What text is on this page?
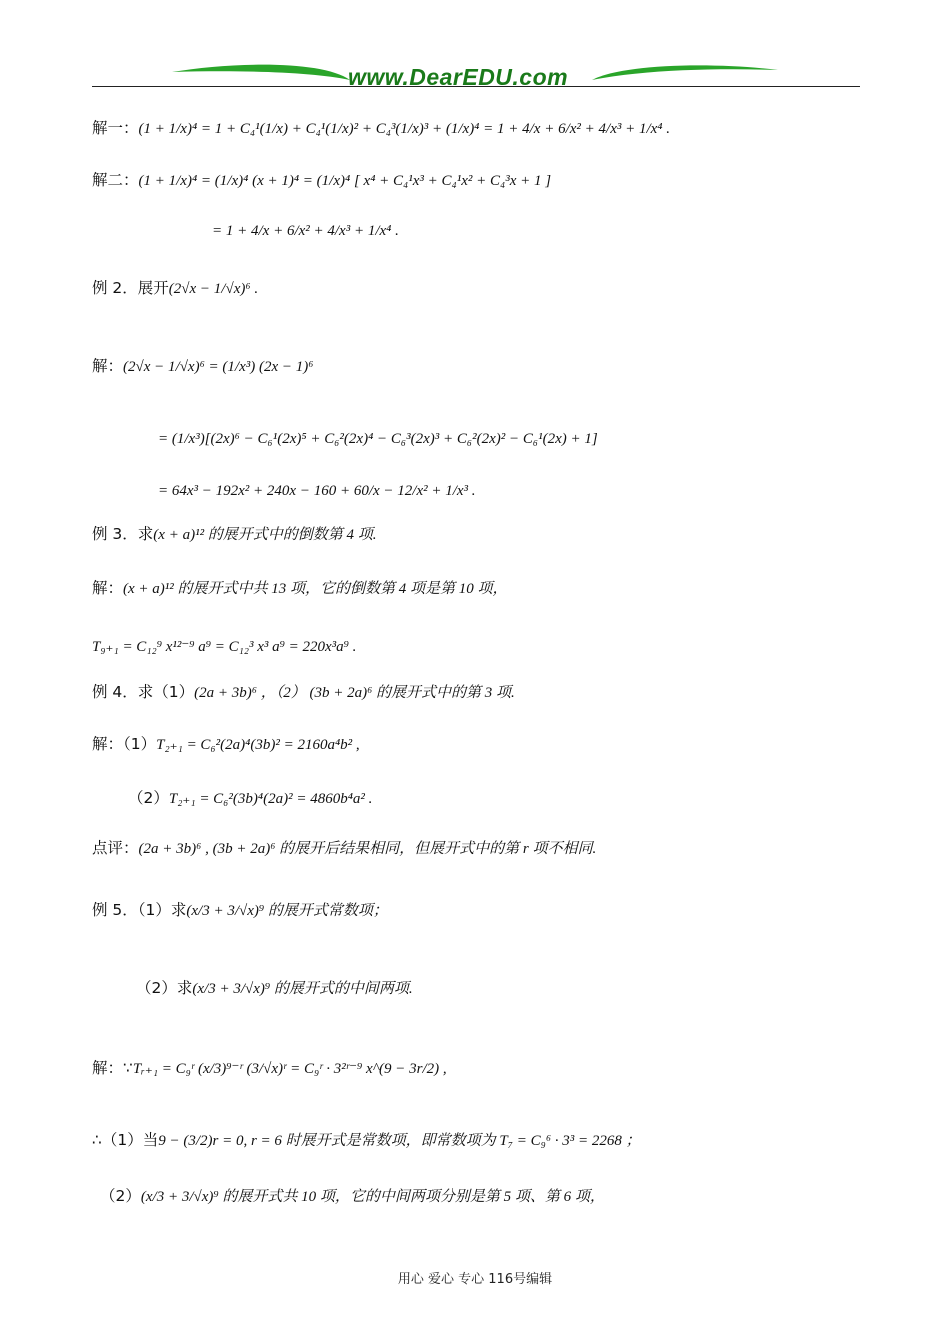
www.DearEDU.com
解一：(1 + 1/x)⁴ = 1 + C₄¹(1/x) + C₄¹(1/x)² + C₄³(1/x)³ + (1/x)⁴ = 1 + 4/x + 6/x² + 4/x³ + 1/x⁴ .
解二：(1 + 1/x)⁴ = (1/x)⁴ (x + 1)⁴ = (1/x)⁴ [ x⁴ + C₄¹x³ + C₄¹x² + C₄³x + 1 ]
= 1 + 4/x + 6/x² + 4/x³ + 1/x⁴ .
例 2．展开(2√x − 1/√x)⁶ .
解：(2√x − 1/√x)⁶ = (1/x³) (2x − 1)⁶
= (1/x³)[(2x)⁶ − C₆¹(2x)⁵ + C₆²(2x)⁴ − C₆³(2x)³ + C₆²(2x)² − C₆¹(2x) + 1]
= 64x³ − 192x² + 240x − 160 + 60/x − 12/x² + 1/x³ .
例 3．求(x + a)¹² 的展开式中的倒数第 4 项.
解：(x + a)¹² 的展开式中共 13 项，它的倒数第 4 项是第 10 项，
T₉₊₁ = C₁₂⁹ x¹²⁻⁹ a⁹ = C₁₂³ x³ a⁹ = 220x³a⁹ .
例 4．求（1）(2a + 3b)⁶ ，（2） (3b + 2a)⁶ 的展开式中的第 3 项.
解：（1）T₂₊₁ = C₆²(2a)⁴(3b)² = 2160a⁴b² ,
（2）T₂₊₁ = C₆²(3b)⁴(2a)² = 4860b⁴a² .
点评：(2a + 3b)⁶ , (3b + 2a)⁶ 的展开后结果相同，但展开式中的第 r 项不相同.
例 5．（1）求(x/3 + 3/√x)⁹ 的展开式常数项；
（2）求(x/3 + 3/√x)⁹ 的展开式的中间两项.
解：∵Tᵣ₊₁ = C₉ʳ (x/3)⁹⁻ʳ (3/√x)ʳ = C₉ʳ · 3²ʳ⁻⁹ x^(9 − 3r/2) ,
∴（1）当9 − (3/2)r = 0, r = 6 时展开式是常数项，即常数项为 T₇ = C₉⁶ · 3³ = 2268 ；
（2）(x/3 + 3/√x)⁹ 的展开式共 10 项，它的中间两项分别是第 5 项、第 6 项，
用心 爱心 专心 116号编辑
